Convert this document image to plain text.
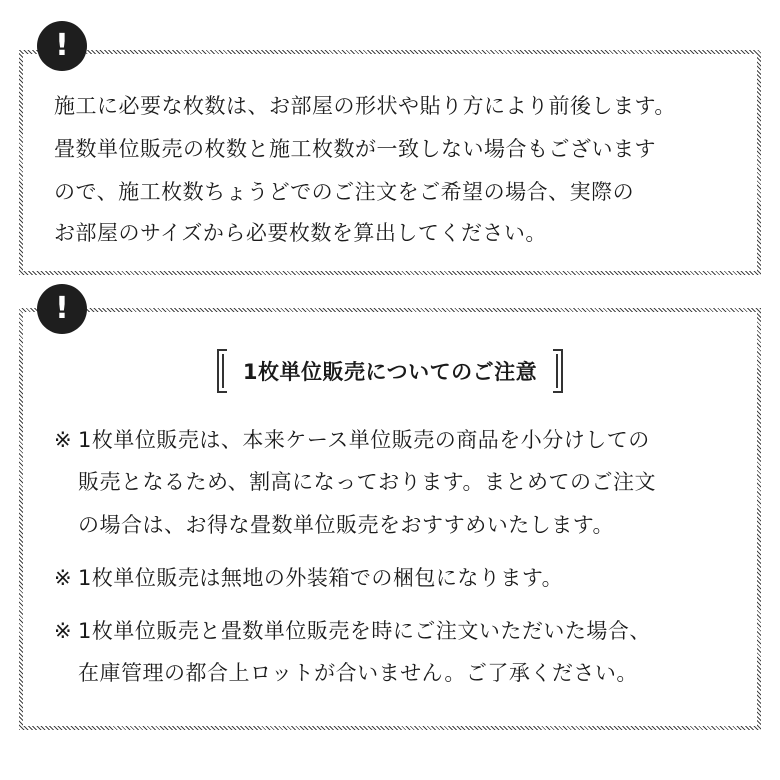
!
施工に必要な枚数は、お部屋の形状や貼り方により前後します。
畳数単位販売の枚数と施工枚数が一致しない場合もございます
ので、施工枚数ちょうどでのご注文をご希望の場合、実際の
お部屋のサイズから必要枚数を算出してください。
!
1枚単位販売についてのご注意
※ 1枚単位販売は、本来ケース単位販売の商品を小分けしての
販売となるため、割高になっております。まとめてのご注文
の場合は、お得な畳数単位販売をおすすめいたします。
※ 1枚単位販売は無地の外装箱での梱包になります。
※ 1枚単位販売と畳数単位販売を時にご注文いただいた場合、
在庫管理の都合上ロットが合いません。ご了承ください。
